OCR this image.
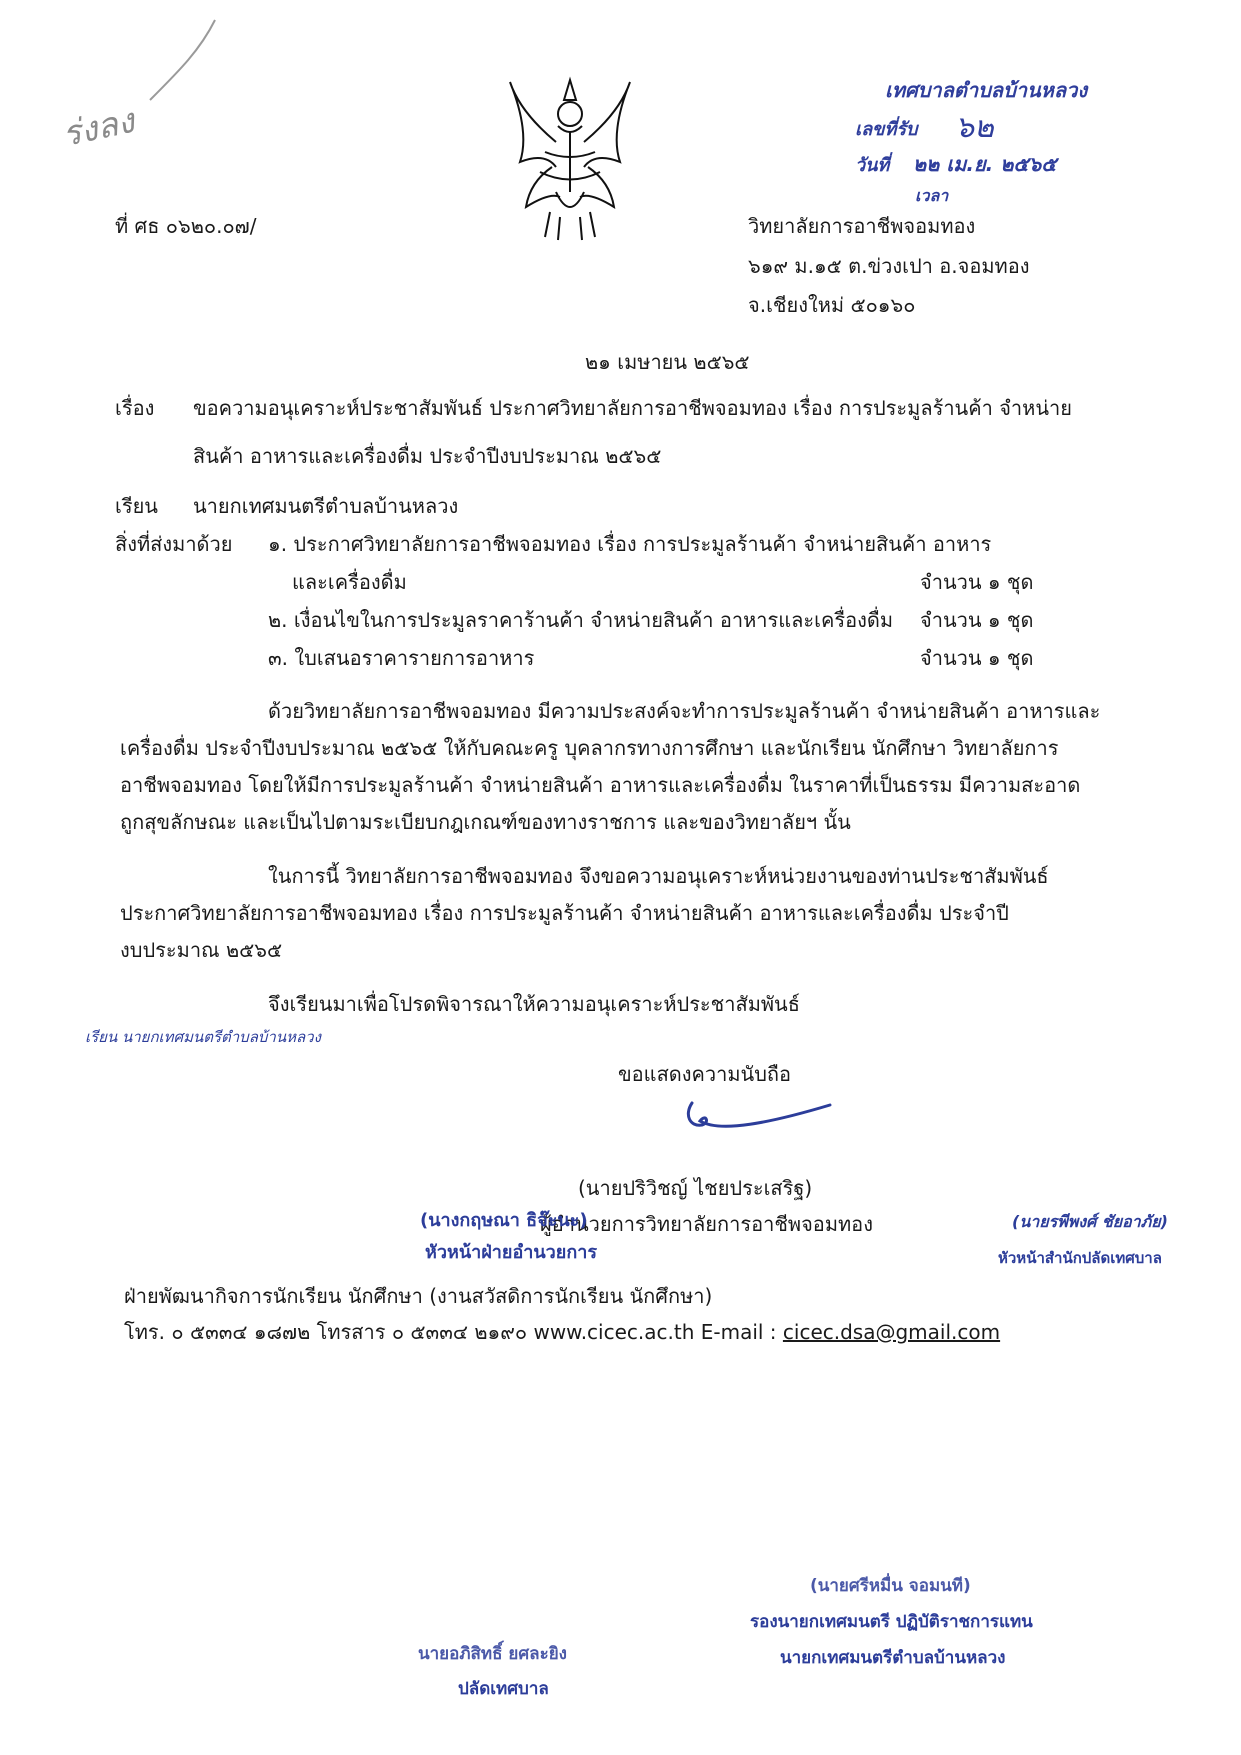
ร่งลง
เทศบาลตำบลบ้านหลวง
เลขที่รับ ๖๒
วันที่ ๒๒ เม.ย. ๒๕๖๕
เวลา
ที่ ศธ ๐๖๒๐.๐๗/	วิทยาลัยการอาชีพจอมทอง
๖๑๙ ม.๑๕ ต.ข่วงเปา อ.จอมทอง
จ.เชียงใหม่ ๕๐๑๖๐
๒๑ เมษายน ๒๕๖๕
เรื่อง ขอความอนุเคราะห์ประชาสัมพันธ์ ประกาศวิทยาลัยการอาชีพจอมทอง เรื่อง การประมูลร้านค้า จำหน่าย
สินค้า อาหารและเครื่องดื่ม ประจำปีงบประมาณ ๒๕๖๕
เรียน นายกเทศมนตรีตำบลบ้านหลวง
สิ่งที่ส่งมาด้วย ๑. ประกาศวิทยาลัยการอาชีพจอมทอง เรื่อง การประมูลร้านค้า จำหน่ายสินค้า อาหาร
และเครื่องดื่ม	จำนวน ๑ ชุด
๒. เงื่อนไขในการประมูลราคาร้านค้า จำหน่ายสินค้า อาหารและเครื่องดื่ม จำนวน ๑ ชุด
๓. ใบเสนอราคารายการอาหาร	จำนวน ๑ ชุด
ด้วยวิทยาลัยการอาชีพจอมทอง มีความประสงค์จะทำการประมูลร้านค้า จำหน่ายสินค้า อาหารและ
เครื่องดื่ม ประจำปีงบประมาณ ๒๕๖๕ ให้กับคณะครู บุคลากรทางการศึกษา และนักเรียน นักศึกษา วิทยาลัยการ
อาชีพจอมทอง โดยให้มีการประมูลร้านค้า จำหน่ายสินค้า อาหารและเครื่องดื่ม ในราคาที่เป็นธรรม มีความสะอาด
ถูกสุขลักษณะ และเป็นไปตามระเบียบกฎเกณฑ์ของทางราชการ และของวิทยาลัยฯ นั้น
ในการนี้ วิทยาลัยการอาชีพจอมทอง จึงขอความอนุเคราะห์หน่วยงานของท่านประชาสัมพันธ์
ประกาศวิทยาลัยการอาชีพจอมทอง เรื่อง การประมูลร้านค้า จำหน่ายสินค้า อาหารและเครื่องดื่ม ประจำปี
งบประมาณ ๒๕๖๕
จึงเรียนมาเพื่อโปรดพิจารณาให้ความอนุเคราะห์ประชาสัมพันธ์
เรียน นายกเทศมนตรีตำบลบ้านหลวง
ขอแสดงความนับถือ
(นายปริวิชญ์ ไชยประเสริฐ)
ผู้อำนวยการวิทยาลัยการอาชีพจอมทอง
(นางกฤษณา ธิจ๊ะนะ)
หัวหน้าฝ่ายอำนวยการ
(นายรพีพงศ์ ชัยอาภัย)
หัวหน้าสำนักปลัดเทศบาล
ฝ่ายพัฒนากิจการนักเรียน นักศึกษา (งานสวัสดิการนักเรียน นักศึกษา)
โทร. ๐ ๕๓๓๔ ๑๘๗๒ โทรสาร ๐ ๕๓๓๔ ๒๑๙๐ www.cicec.ac.th E-mail : cicec.dsa@gmail.com
นายอภิสิทธิ์ ยศละยิง
ปลัดเทศบาล
(นายศรีหมื่น จอมนที)
รองนายกเทศมนตรี ปฏิบัติราชการแทน
นายกเทศมนตรีตำบลบ้านหลวง
